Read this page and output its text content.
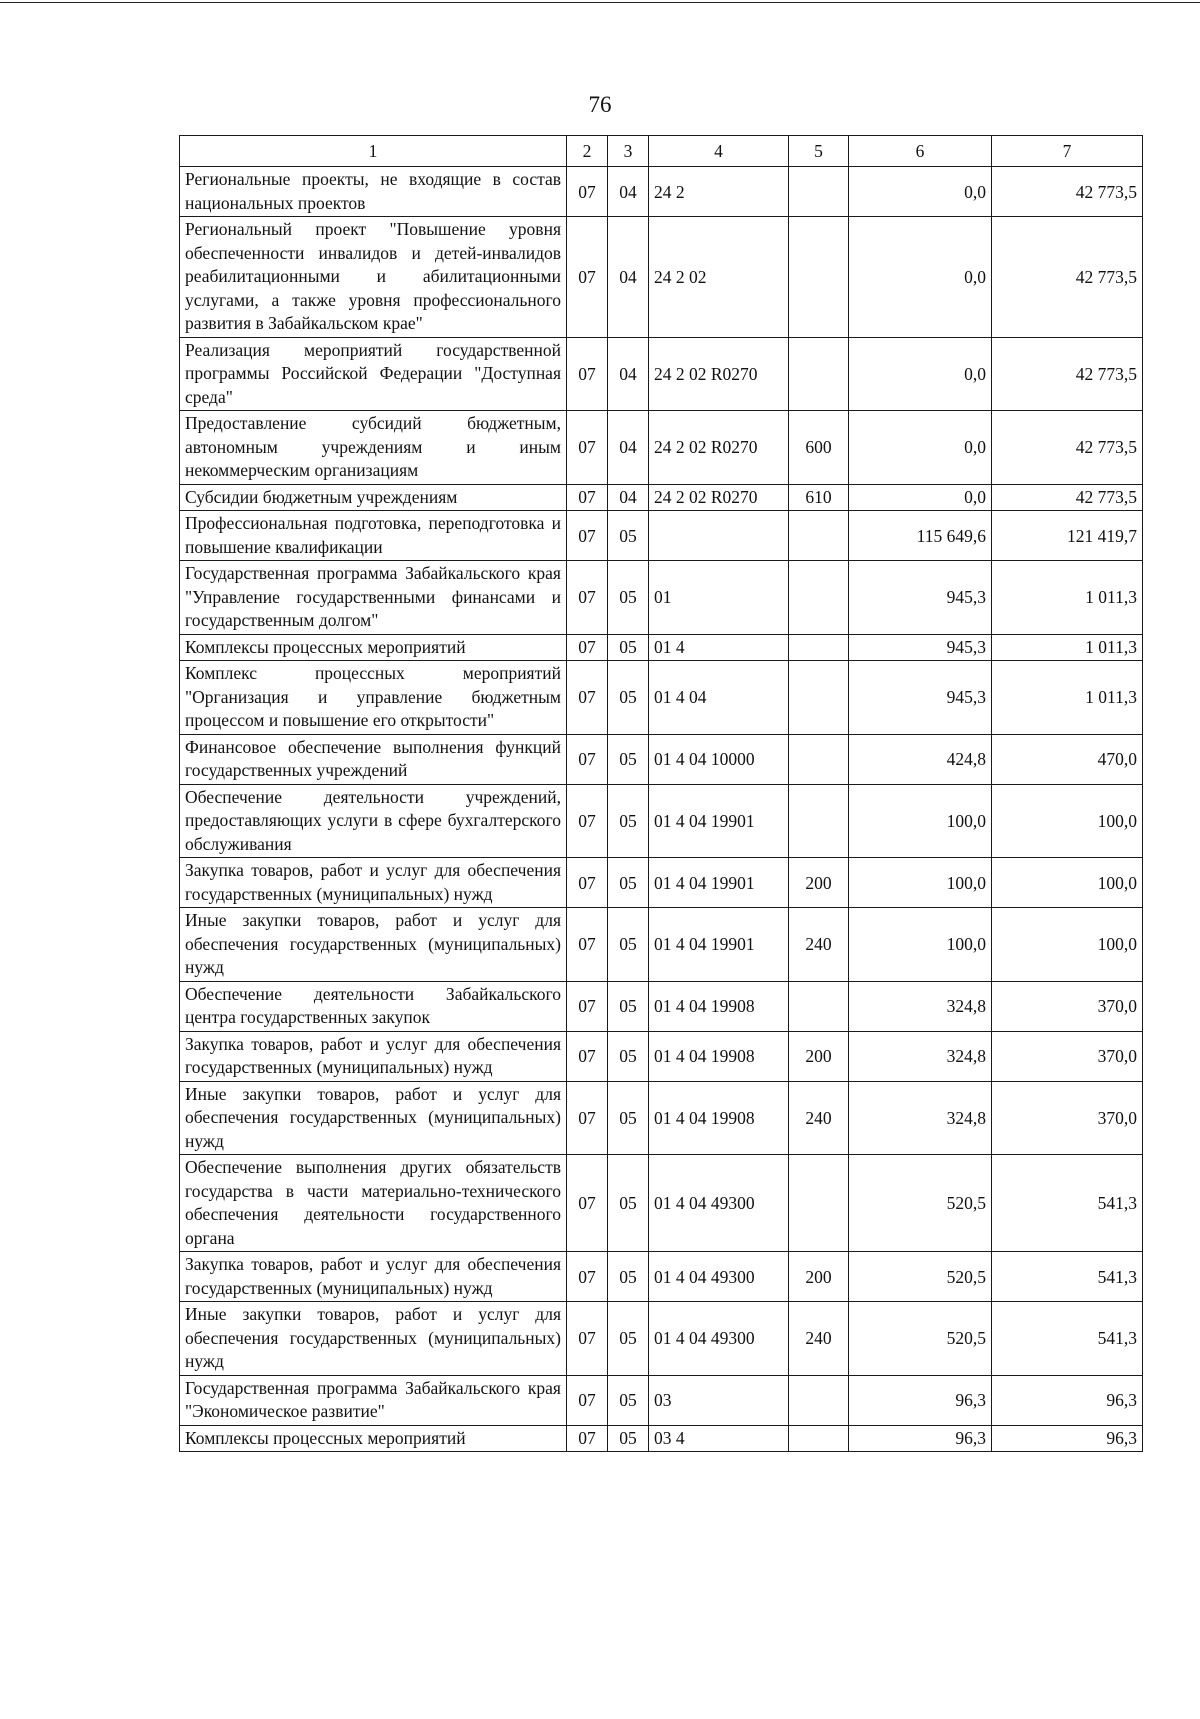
76
1	2	3	4	5	6	7
Региональные проекты, не входящие в состав национальных проектов	07	04	24 2		0,0	42 773,5
Региональный проект "Повышение уровня обеспеченности инвалидов и детей-инвалидов реабилитационными и абилитационными услугами, а также уровня профессионального развития в Забайкальском крае"	07	04	24 2 02		0,0	42 773,5
Реализация мероприятий государственной программы Российской Федерации "Доступная среда"	07	04	24 2 02 R0270		0,0	42 773,5
Предоставление субсидий бюджетным, автономным учреждениям и иным некоммерческим организациям	07	04	24 2 02 R0270	600	0,0	42 773,5
Субсидии бюджетным учреждениям	07	04	24 2 02 R0270	610	0,0	42 773,5
Профессиональная подготовка, переподготовка и повышение квалификации	07	05			115 649,6	121 419,7
Государственная программа Забайкальского края "Управление государственными финансами и государственным долгом"	07	05	01		945,3	1 011,3
Комплексы процессных мероприятий	07	05	01 4		945,3	1 011,3
Комплекс процессных мероприятий "Организация и управление бюджетным процессом и повышение его открытости"	07	05	01 4 04		945,3	1 011,3
Финансовое обеспечение выполнения функций государственных учреждений	07	05	01 4 04 10000		424,8	470,0
Обеспечение деятельности учреждений, предоставляющих услуги в сфере бухгалтерского обслуживания	07	05	01 4 04 19901		100,0	100,0
Закупка товаров, работ и услуг для обеспечения государственных (муниципальных) нужд	07	05	01 4 04 19901	200	100,0	100,0
Иные закупки товаров, работ и услуг для обеспечения государственных (муниципальных) нужд	07	05	01 4 04 19901	240	100,0	100,0
Обеспечение деятельности Забайкальского центра государственных закупок	07	05	01 4 04 19908		324,8	370,0
Закупка товаров, работ и услуг для обеспечения государственных (муниципальных) нужд	07	05	01 4 04 19908	200	324,8	370,0
Иные закупки товаров, работ и услуг для обеспечения государственных (муниципальных) нужд	07	05	01 4 04 19908	240	324,8	370,0
Обеспечение выполнения других обязательств государства в части материально-технического обеспечения деятельности государственного органа	07	05	01 4 04 49300		520,5	541,3
Закупка товаров, работ и услуг для обеспечения государственных (муниципальных) нужд	07	05	01 4 04 49300	200	520,5	541,3
Иные закупки товаров, работ и услуг для обеспечения государственных (муниципальных) нужд	07	05	01 4 04 49300	240	520,5	541,3
Государственная программа Забайкальского края "Экономическое развитие"	07	05	03		96,3	96,3
Комплексы процессных мероприятий	07	05	03 4		96,3	96,3
